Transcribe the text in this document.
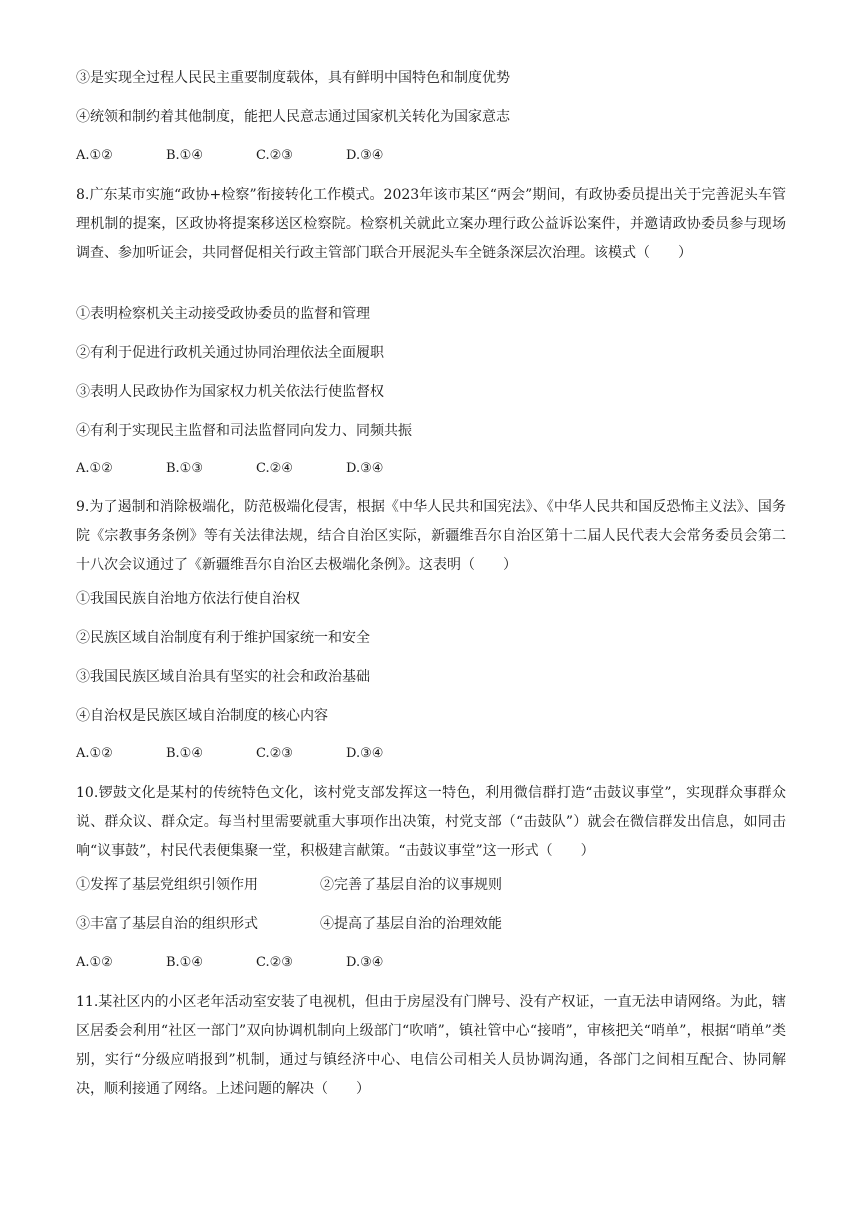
③是实现全过程人民民主重要制度载体，具有鲜明中国特色和制度优势
④统领和制约着其他制度，能把人民意志通过国家机关转化为国家意志
A.①②	B.①④	C.②③	D.③④
8.广东某市实施“政协+检察”衔接转化工作模式。2023年该市某区“两会”期间，有政协委员提出关于完善泥头车管理机制的提案，区政协将提案移送区检察院。检察机关就此立案办理行政公益诉讼案件，并邀请政协委员参与现场调查、参加听证会，共同督促相关行政主管部门联合开展泥头车全链条深层次治理。该模式（　　）
①表明检察机关主动接受政协委员的监督和管理
②有利于促进行政机关通过协同治理依法全面履职
③表明人民政协作为国家权力机关依法行使监督权
④有利于实现民主监督和司法监督同向发力、同频共振
A.①②	B.①③	C.②④	D.③④
9.为了遏制和消除极端化，防范极端化侵害，根据《中华人民共和国宪法》、《中华人民共和国反恐怖主义法》、国务院《宗教事务条例》等有关法律法规，结合自治区实际，新疆维吾尔自治区第十二届人民代表大会常务委员会第二十八次会议通过了《新疆维吾尔自治区去极端化条例》。这表明（　　）
①我国民族自治地方依法行使自治权
②民族区域自治制度有利于维护国家统一和安全
③我国民族区域自治具有坚实的社会和政治基础
④自治权是民族区域自治制度的核心内容
A.①②	B.①④	C.②③	D.③④
10.锣鼓文化是某村的传统特色文化，该村党支部发挥这一特色，利用微信群打造“击鼓议事堂”，实现群众事群众说、群众议、群众定。每当村里需要就重大事项作出决策，村党支部（“击鼓队”）就会在微信群发出信息，如同击响“议事鼓”，村民代表便集聚一堂，积极建言献策。“击鼓议事堂”这一形式（　　）
①发挥了基层党组织引领作用	②完善了基层自治的议事规则
③丰富了基层自治的组织形式	④提高了基层自治的治理效能
A.①②	B.①④	C.②③	D.③④
11.某社区内的小区老年活动室安装了电视机，但由于房屋没有门牌号、没有产权证，一直无法申请网络。为此，辖区居委会利用“社区一部门”双向协调机制向上级部门“吹哨”，镇社管中心“接哨”，审核把关“哨单”，根据“哨单”类别，实行“分级应哨报到”机制，通过与镇经济中心、电信公司相关人员协调沟通，各部门之间相互配合、协同解决，顺利接通了网络。上述问题的解决（　　）
